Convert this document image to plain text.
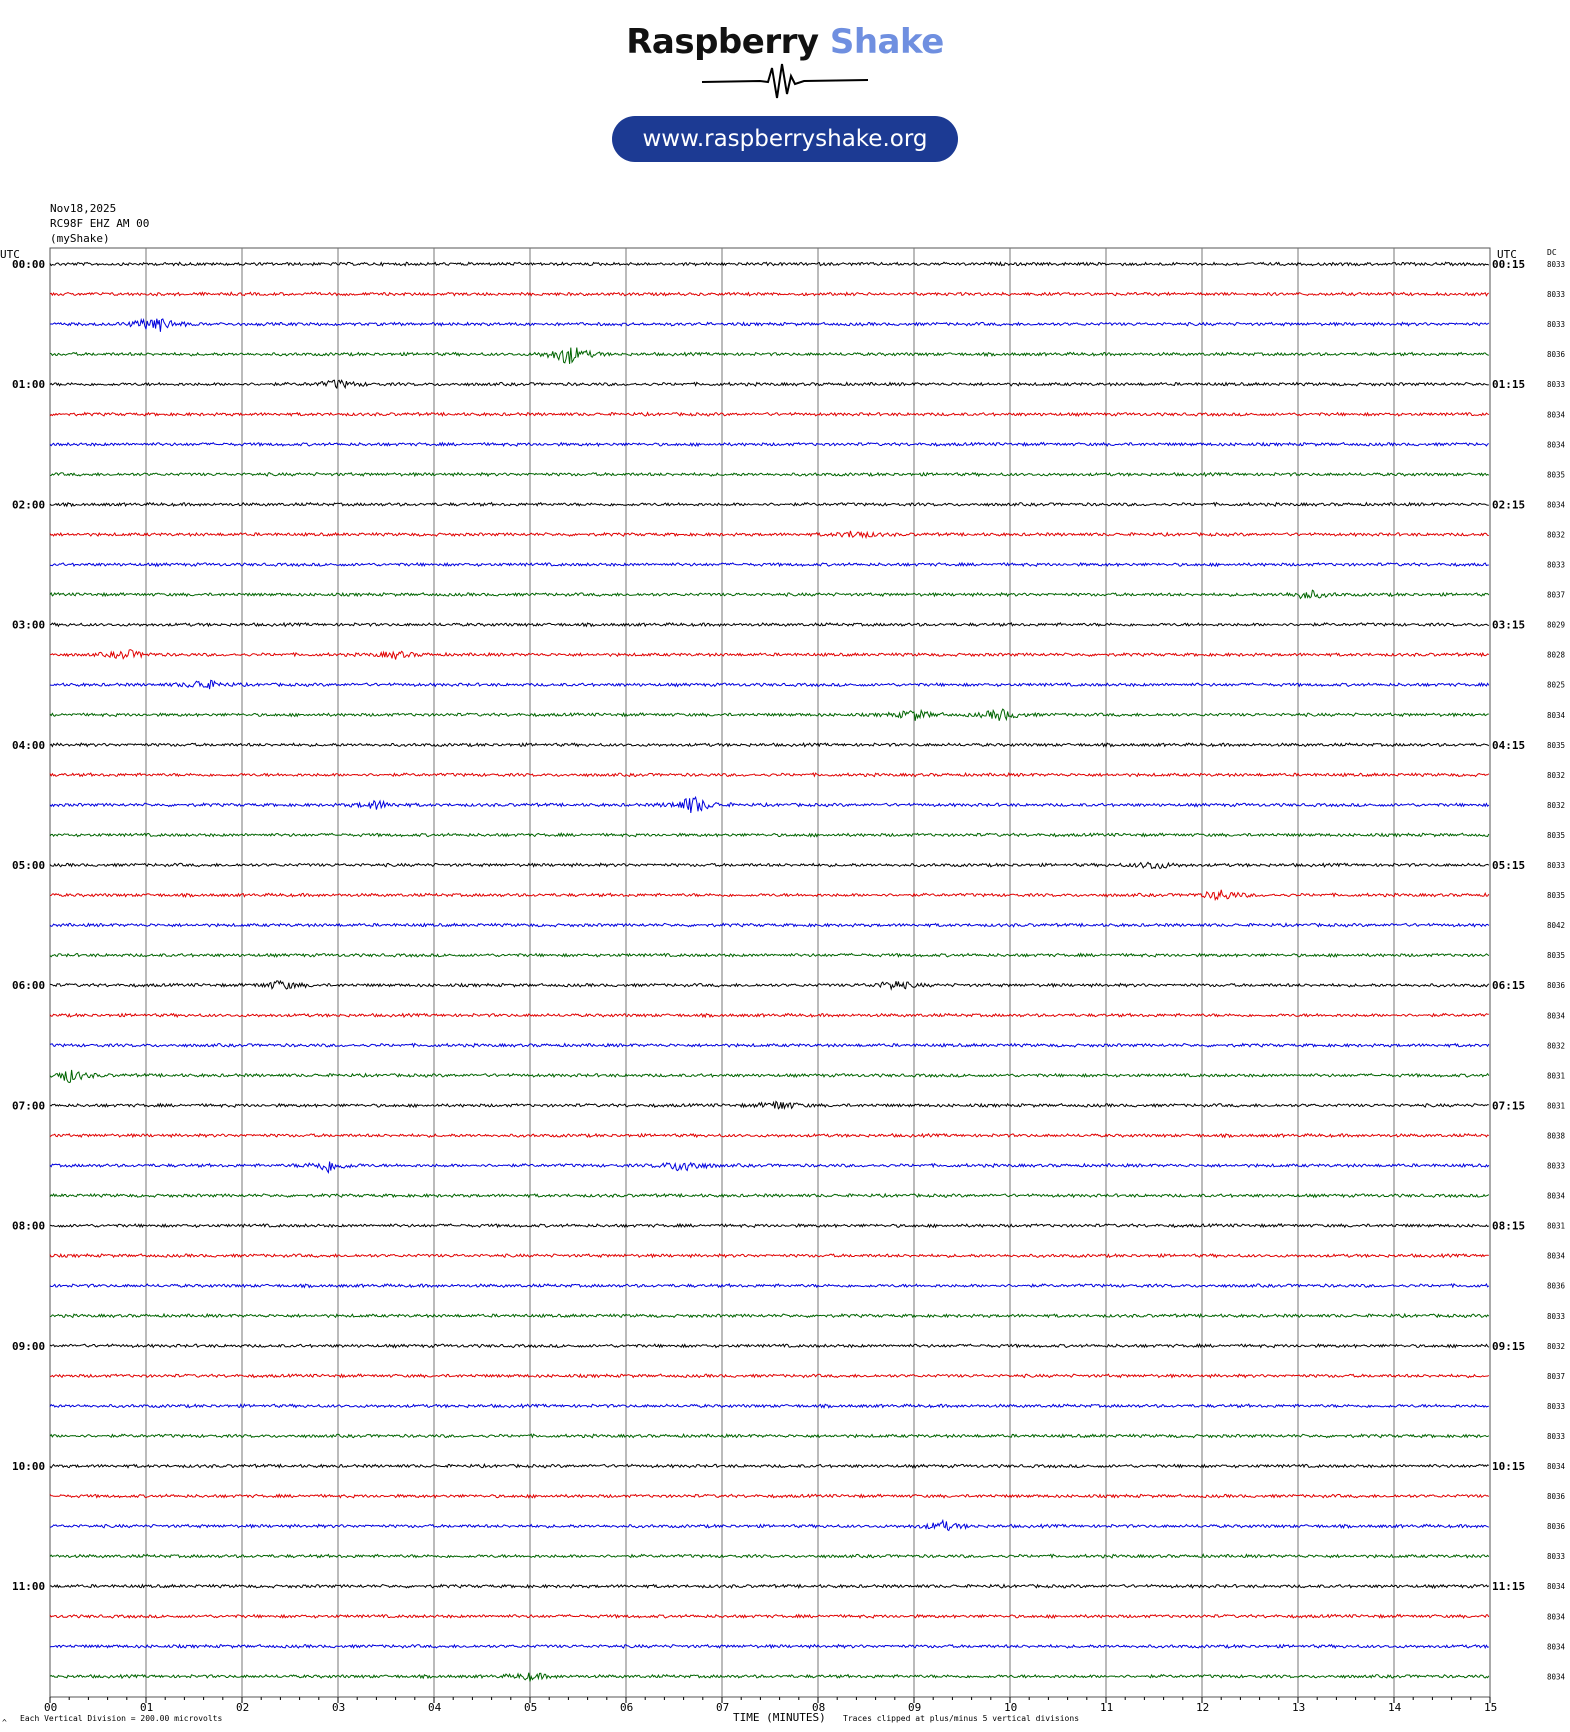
Raspberry Shake
www.raspberryshake.org
Nov18,2025
RC98F EHZ AM 00
(myShake)
UTC	UTC	DC
TIME (MINUTES)
Each Vertical Division = 200.00 microvolts	Traces clipped at plus/minus 5 vertical divisions
^
00	01	02	03	04	05	06	07	08	09	10	11	12	13	14	15
8033
00:00	00:15
8033
8033
8036
8033
01:00	01:15
8034
8034
8035
8034
02:00	02:15
8032
8033
8037
8029
03:00	03:15
8028
8025
8034
8035
04:00	04:15
8032
8032
8035
8033
05:00	05:15
8035
8042
8035
8036
06:00	06:15
8034
8032
8031
8031
07:00	07:15
8038
8033
8034
8031
08:00	08:15
8034
8036
8033
8032
09:00	09:15
8037
8033
8033
8034
10:00	10:15
8036
8036
8033
8034
11:00	11:15
8034
8034
8034
